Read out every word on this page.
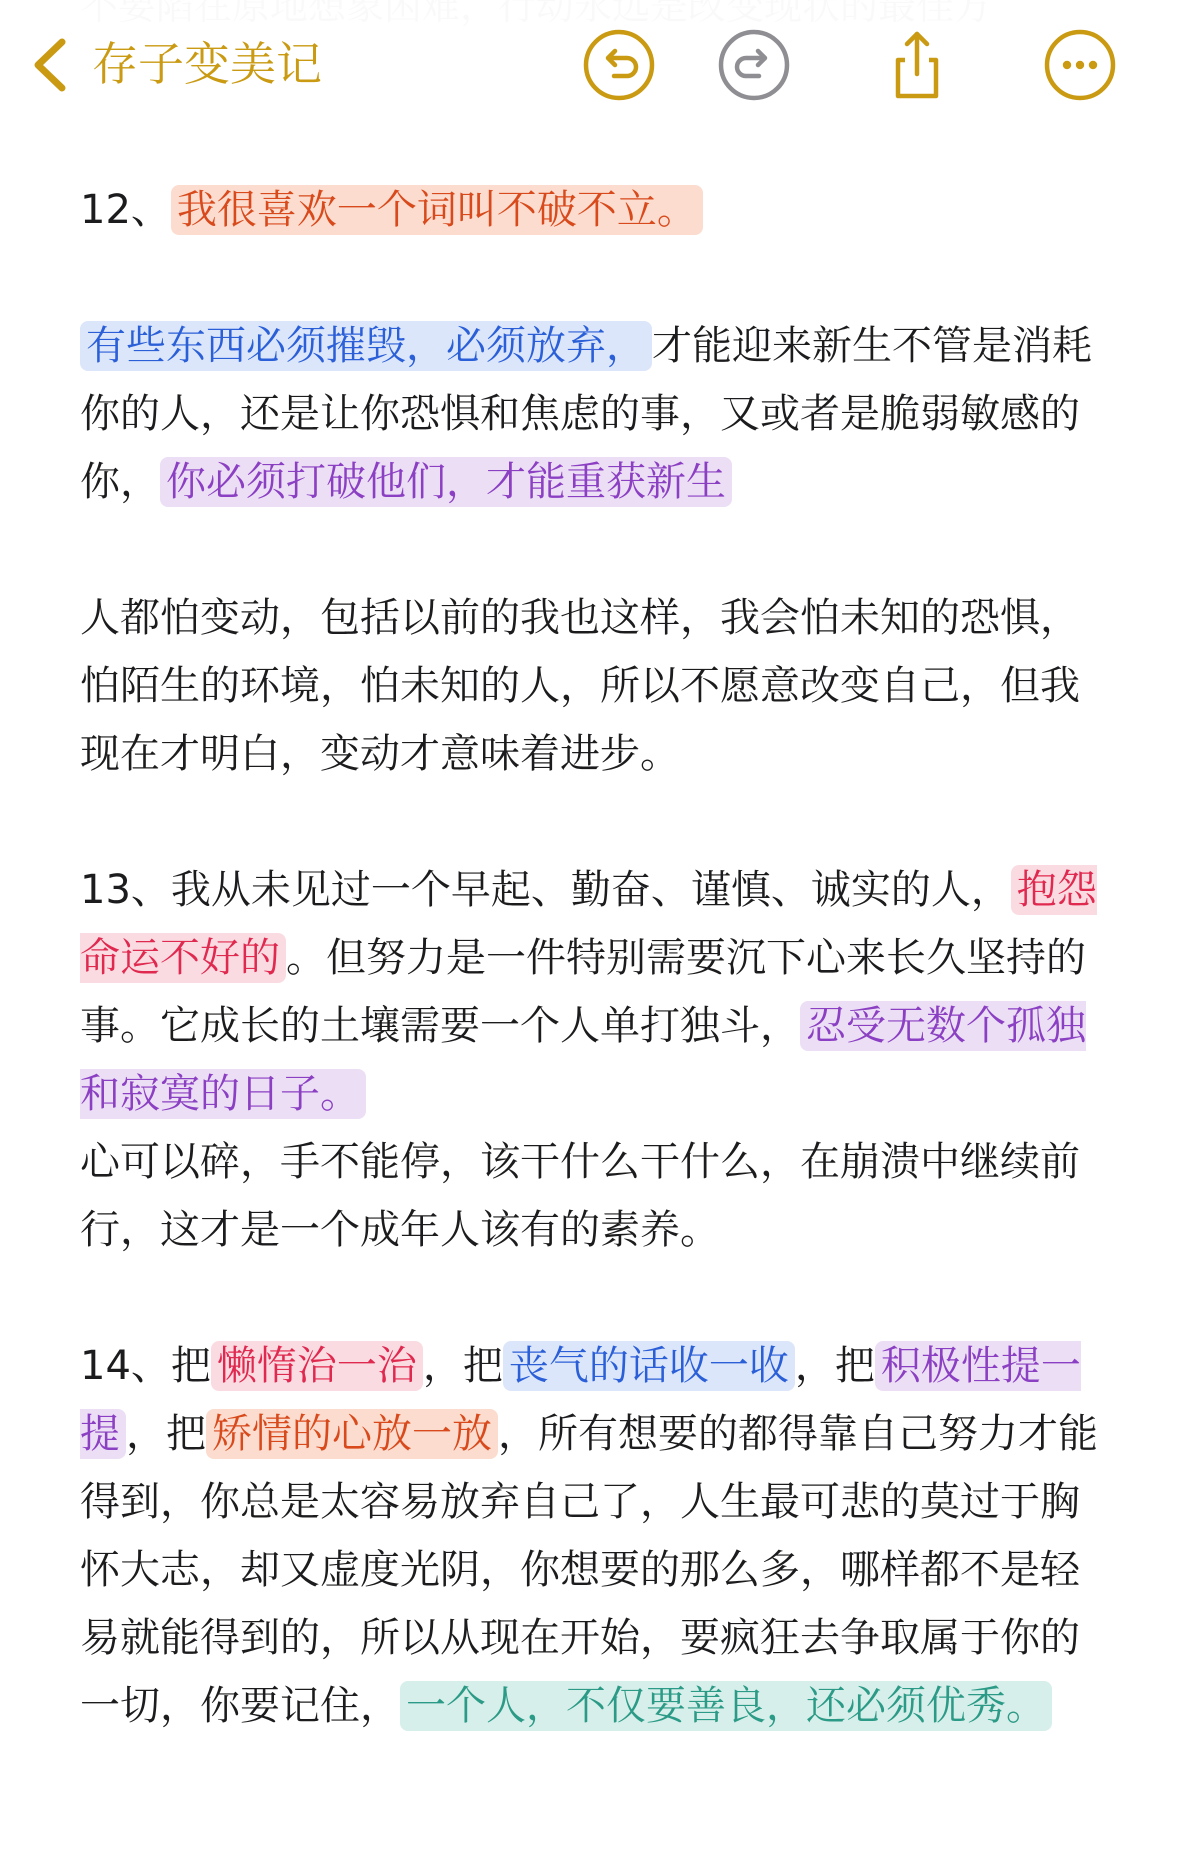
存子变美记

12、 我很喜欢一个词叫不破不立。

有些东西必须摧毁，必须放弃， 才能迎来新生不管是消耗你的人，还是让你恐惧和焦虑的事，又或者是脆弱敏感的你， 你必须打破他们，才能重获新生

人都怕变动，包括以前的我也这样，我会怕未知的恐惧，怕陌生的环境，怕未知的人，所以不愿意改变自己，但我现在才明白，变动才意味着进步。

13、我从未见过一个早起、勤奋、谨慎、诚实的人， 抱怨命运不好的 。但努力是一件特别需要沉下心来长久坚持的事。它成长的土壤需要一个人单打独斗， 忍受无数个孤独和寂寞的日子。

心可以碎，手不能停，该干什么干什么，在崩溃中继续前行，这才是一个成年人该有的素养。

14、把 懒惰治一治 ，把 丧气的话收一收 ，把 积极性提一提 ，把 矫情的心放一放 ，所有想要的都得靠自己努力才能得到，你总是太容易放弃自己了，人生最可悲的莫过于胸怀大志，却又虚度光阴，你想要的那么多，哪样都不是轻易就能得到的，所以从现在开始，要疯狂去争取属于你的一切，你要记住， 一个人，不仅要善良，还必须优秀。
